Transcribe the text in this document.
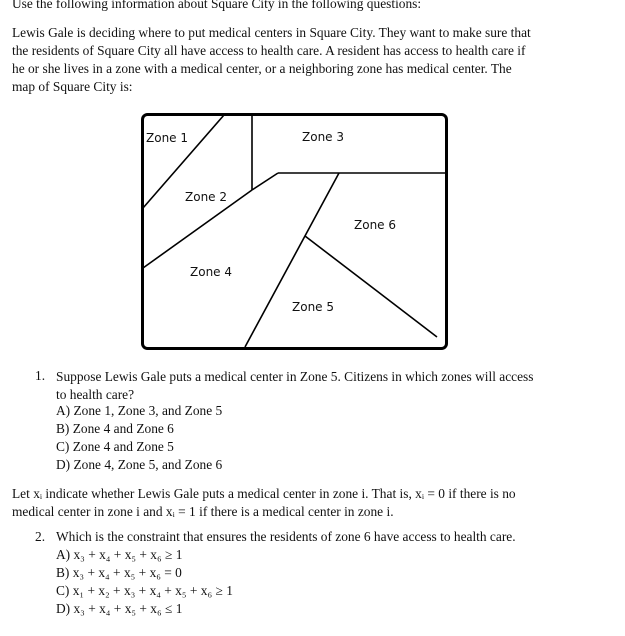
Use the following information about Square City in the following questions:
Lewis Gale is deciding where to put medical centers in Square City. They want to make sure that
the residents of Square City all have access to health care. A resident has access to health care if
he or she lives in a zone with a medical center, or a neighboring zone has medical center. The
map of Square City is:
Zone 1
Zone 2
Zone 3
Zone 4
Zone 5
Zone 6
1. Suppose Lewis Gale puts a medical center in Zone 5. Citizens in which zones will access
to health care?
A) Zone 1, Zone 3, and Zone 5
B) Zone 4 and Zone 6
C) Zone 4 and Zone 5
D) Zone 4, Zone 5, and Zone 6
Let xᵢ indicate whether Lewis Gale puts a medical center in zone i. That is, xᵢ = 0 if there is no
medical center in zone i and xᵢ = 1 if there is a medical center in zone i.
2. Which is the constraint that ensures the residents of zone 6 have access to health care.
A) x₃ + x₄ + x₅ + x₆ ≥ 1
B) x₃ + x₄ + x₅ + x₆ = 0
C) x₁ + x₂ + x₃ + x₄ + x₅ + x₆ ≥ 1
D) x₃ + x₄ + x₅ + x₆ ≤ 1
